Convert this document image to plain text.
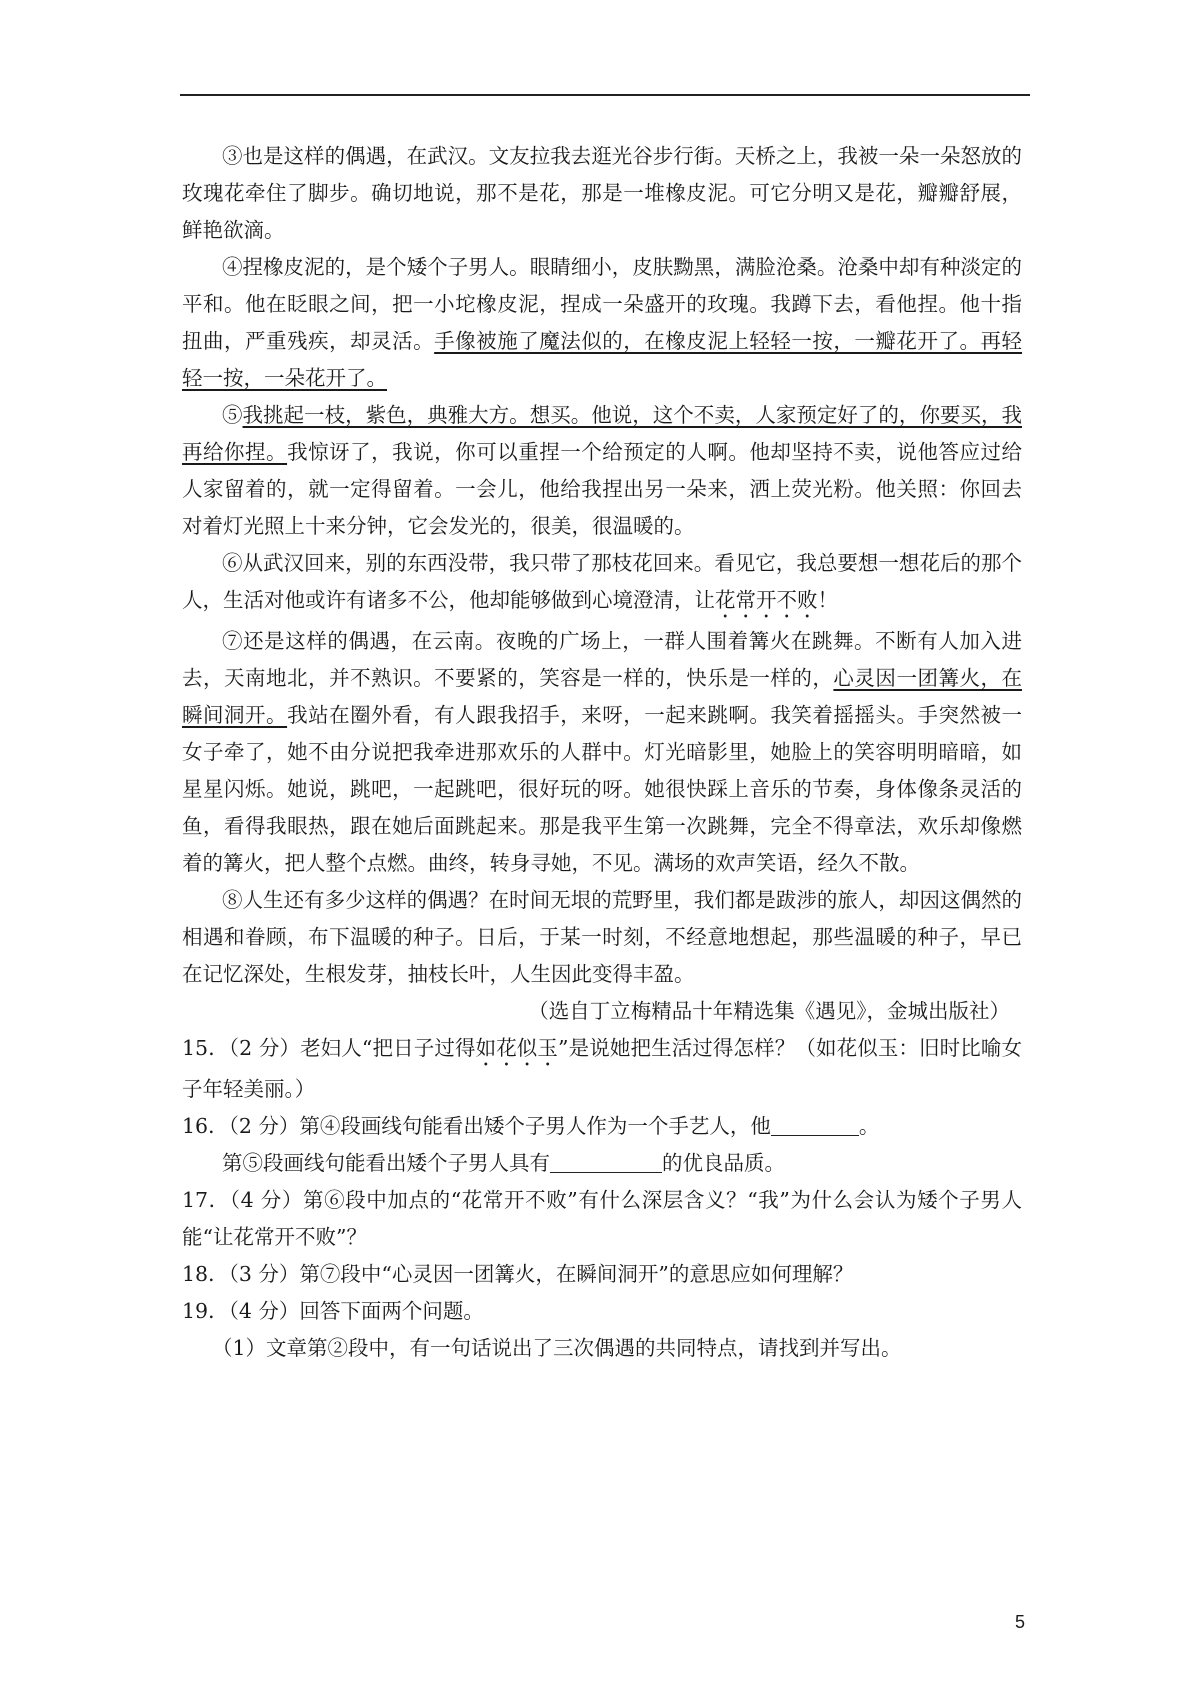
③也是这样的偶遇，在武汉。文友拉我去逛光谷步行街。天桥之上，我被一朵一朵怒放的玫瑰花牵住了脚步。确切地说，那不是花，那是一堆橡皮泥。可它分明又是花，瓣瓣舒展，鲜艳欲滴。

④捏橡皮泥的，是个矮个子男人。眼睛细小，皮肤黝黑，满脸沧桑。沧桑中却有种淡定的平和。他在眨眼之间，把一小坨橡皮泥，捏成一朵盛开的玫瑰。我蹲下去，看他捏。他十指扭曲，严重残疾，却灵活。手像被施了魔法似的，在橡皮泥上轻轻一按，一瓣花开了。再轻轻一按，一朵花开了。

⑤我挑起一枝，紫色，典雅大方。想买。他说，这个不卖，人家预定好了的，你要买，我再给你捏。我惊讶了，我说，你可以重捏一个给预定的人啊。他却坚持不卖，说他答应过给人家留着的，就一定得留着。一会儿，他给我捏出另一朵来，洒上荧光粉。他关照：你回去对着灯光照上十来分钟，它会发光的，很美，很温暖的。

⑥从武汉回来，别的东西没带，我只带了那枝花回来。看见它，我总要想一想花后的那个人，生活对他或许有诸多不公，他却能够做到心境澄清，让花常开不败！

⑦还是这样的偶遇，在云南。夜晚的广场上，一群人围着篝火在跳舞。不断有人加入进去，天南地北，并不熟识。不要紧的，笑容是一样的，快乐是一样的，心灵因一团篝火，在瞬间洞开。我站在圈外看，有人跟我招手，来呀，一起来跳啊。我笑着摇摇头。手突然被一女子牵了，她不由分说把我牵进那欢乐的人群中。灯光暗影里，她脸上的笑容明明暗暗，如星星闪烁。她说，跳吧，一起跳吧，很好玩的呀。她很快踩上音乐的节奏，身体像条灵活的鱼，看得我眼热，跟在她后面跳起来。那是我平生第一次跳舞，完全不得章法，欢乐却像燃着的篝火，把人整个点燃。曲终，转身寻她，不见。满场的欢声笑语，经久不散。

⑧人生还有多少这样的偶遇？在时间无垠的荒野里，我们都是跋涉的旅人，却因这偶然的相遇和眷顾，布下温暖的种子。日后，于某一时刻，不经意地想起，那些温暖的种子，早已在记忆深处，生根发芽，抽枝长叶，人生因此变得丰盈。

（选自丁立梅精品十年精选集《遇见》，金城出版社）

15．（2 分）老妇人“把日子过得如花似玉”是说她把生活过得怎样？（如花似玉：旧时比喻女子年轻美丽。）

16．（2 分）第④段画线句能看出矮个子男人作为一个手艺人，他	。

第⑤段画线句能看出矮个子男人具有	的优良品质。

17．（4 分）第⑥段中加点的“花常开不败”有什么深层含义？“我”为什么会认为矮个子男人能“让花常开不败”？

18．（3 分）第⑦段中“心灵因一团篝火，在瞬间洞开”的意思应如何理解？

19．（4 分）回答下面两个问题。

（1）文章第②段中，有一句话说出了三次偶遇的共同特点，请找到并写出。

5
